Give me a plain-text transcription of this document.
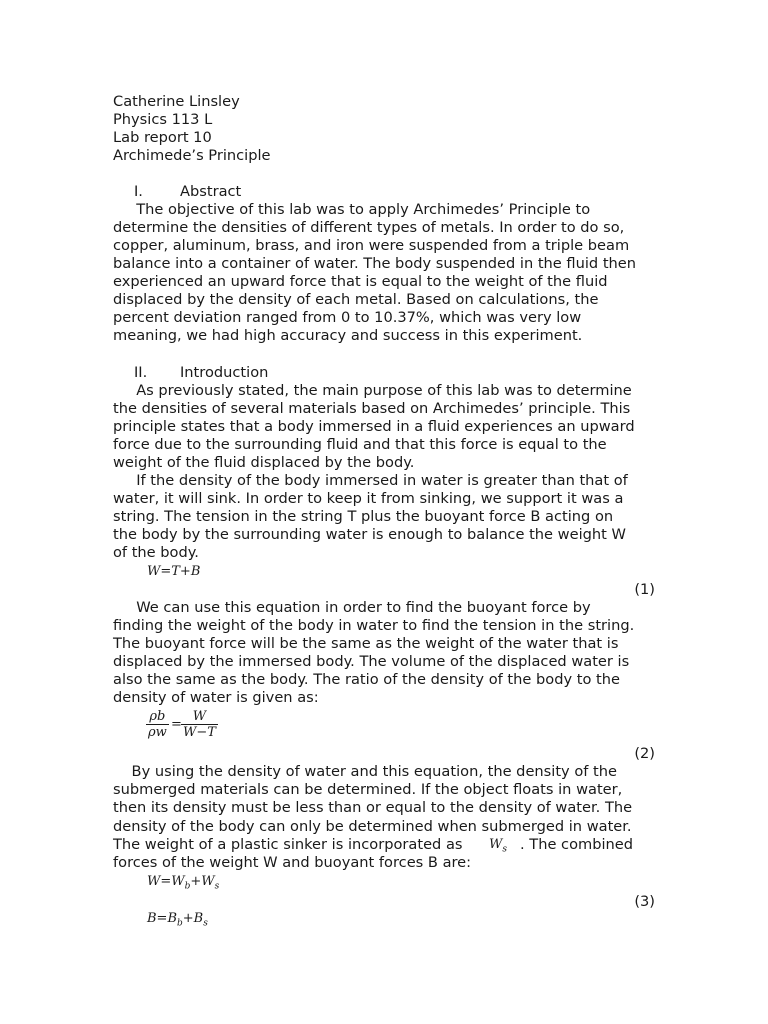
Catherine Linsley
Physics 113 L
Lab report 10
Archimede’s Principle
I.	Abstract
The objective of this lab was to apply Archimedes’ Principle to
determine the densities of different types of metals. In order to do so,
copper, aluminum, brass, and iron were suspended from a triple beam
balance into a container of water. The body suspended in the fluid then
experienced an upward force that is equal to the weight of the fluid
displaced by the density of each metal. Based on calculations, the
percent deviation ranged from 0 to 10.37%, which was very low
meaning, we had high accuracy and success in this experiment.
II. Introduction
As previously stated, the main purpose of this lab was to determine
the densities of several materials based on Archimedes’ principle. This
principle states that a body immersed in a fluid experiences an upward
force due to the surrounding fluid and that this force is equal to the
weight of the fluid displaced by the body.
If the density of the body immersed in water is greater than that of
water, it will sink. In order to keep it from sinking, we support it was a
string. The tension in the string T plus the buoyant force B acting on
the body by the surrounding water is enough to balance the weight W
of the body.
W=T+B
(1)
We can use this equation in order to find the buoyant force by
finding the weight of the body in water to find the tension in the string.
The buoyant force will be the same as the weight of the water that is
displaced by the immersed body. The volume of the displaced water is
also the same as the body. The ratio of the density of the body to the
density of water is given as:
$\frac{\rho b}{\rho w} = \frac{W}{W-T}$
(2)
By using the density of water and this equation, the density of the
submerged materials can be determined. If the object floats in water,
then its density must be less than or equal to the density of water. The
density of the body can only be determined when submerged in water.
The weight of a plastic sinker is incorporated as	$W_s$ . The combined
forces of the weight W and buoyant forces B are:
$W=W_b+W_s$
(3)
$B=B_b+B_s$
